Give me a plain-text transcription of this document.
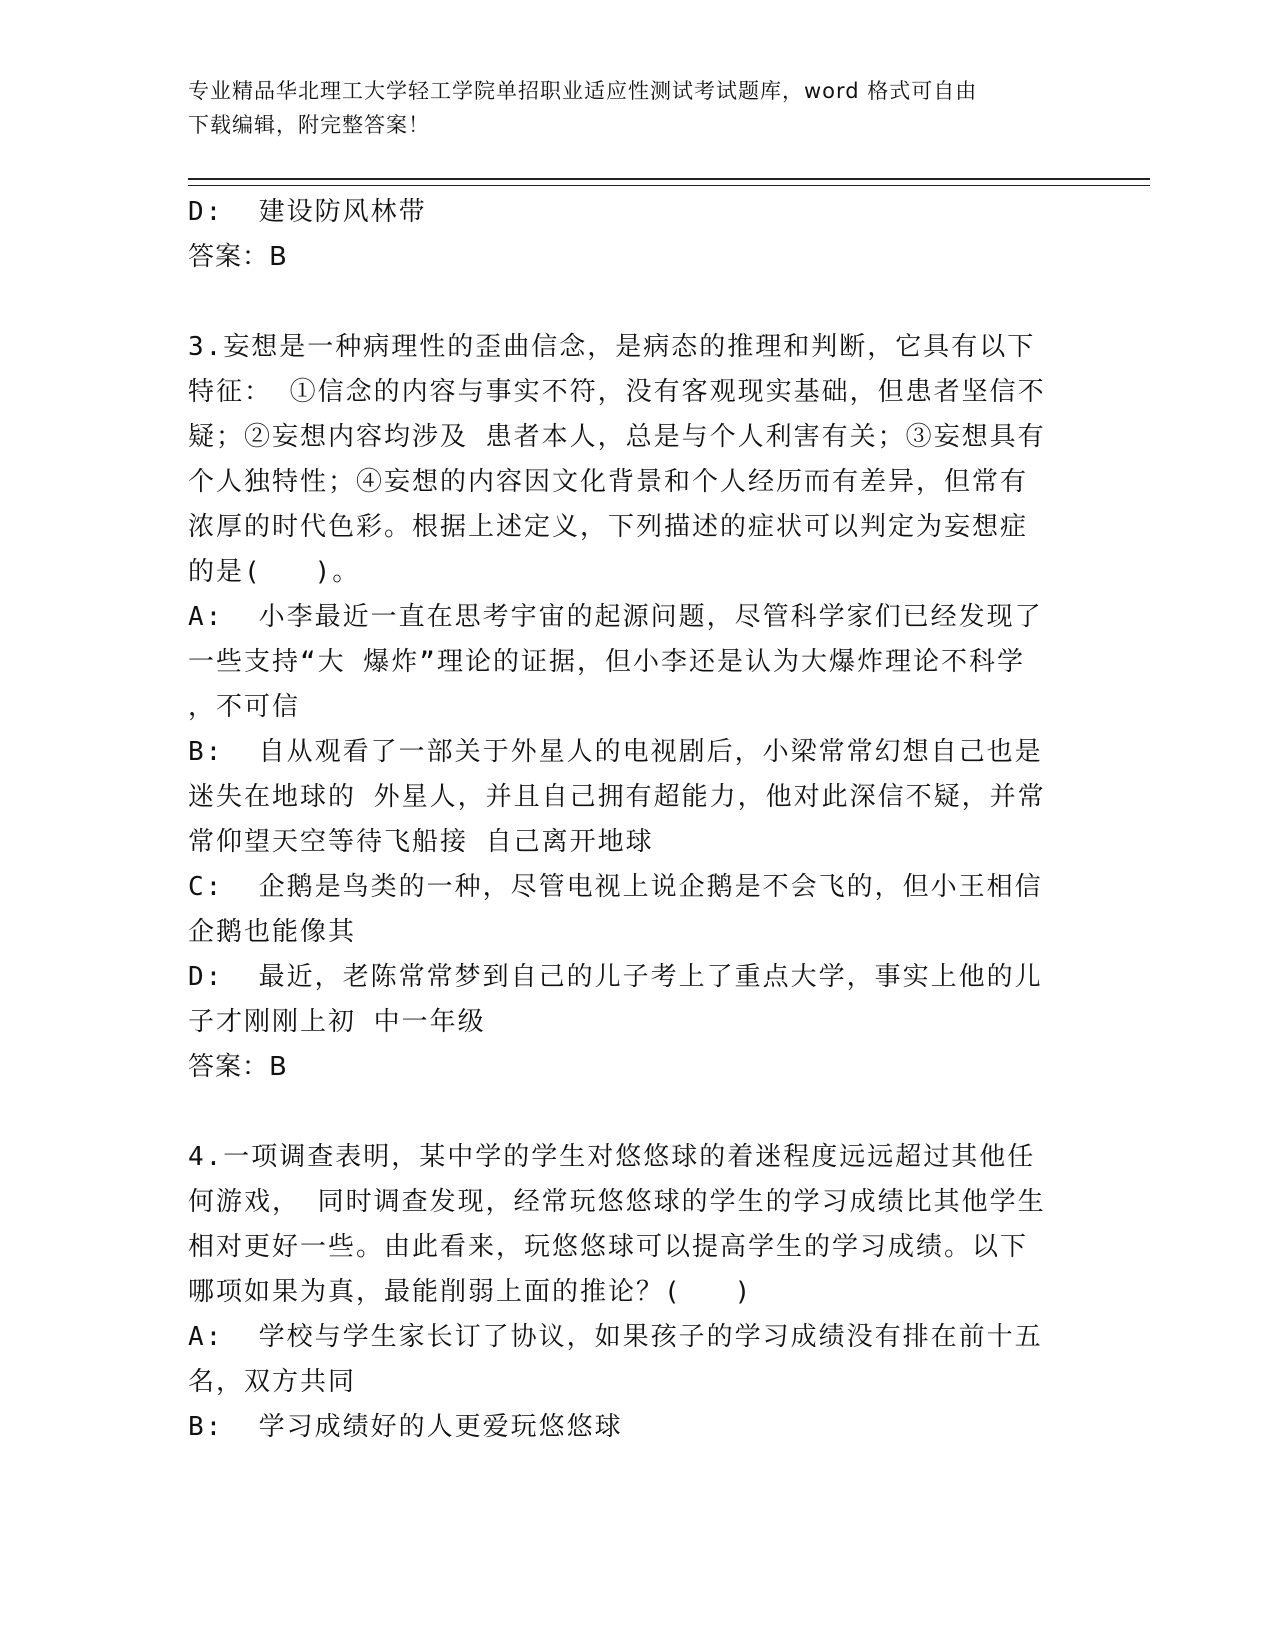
专业精品华北理工大学轻工学院单招职业适应性测试考试题库，word 格式可自由
下载编辑，附完整答案！

D:  建设防风林带

答案：B

3.妄想是一种病理性的歪曲信念，是病态的推理和判断，它具有以下

特征： ①信念的内容与事实不符，没有客观现实基础，但患者坚信不

疑；②妄想内容均涉及 患者本人，总是与个人利害有关；③妄想具有

个人独特性；④妄想的内容因文化背景和个人经历而有差异，但常有

浓厚的时代色彩。根据上述定义，下列描述的症状可以判定为妄想症

的是(   )。

A:  小李最近一直在思考宇宙的起源问题，尽管科学家们已经发现了

一些支持“大 爆炸”理论的证据，但小李还是认为大爆炸理论不科学

，不可信

B:  自从观看了一部关于外星人的电视剧后，小梁常常幻想自己也是

迷失在地球的 外星人，并且自己拥有超能力，他对此深信不疑，并常

常仰望天空等待飞船接 自己离开地球

C:  企鹅是鸟类的一种，尽管电视上说企鹅是不会飞的，但小王相信

企鹅也能像其

D:  最近，老陈常常梦到自己的儿子考上了重点大学，事实上他的儿

子才刚刚上初 中一年级

答案：B

4.一项调查表明，某中学的学生对悠悠球的着迷程度远远超过其他任

何游戏， 同时调查发现，经常玩悠悠球的学生的学习成绩比其他学生

相对更好一些。由此看来，玩悠悠球可以提高学生的学习成绩。以下

哪项如果为真，最能削弱上面的推论？(   )

A:  学校与学生家长订了协议，如果孩子的学习成绩没有排在前十五

名，双方共同

B:  学习成绩好的人更爱玩悠悠球
